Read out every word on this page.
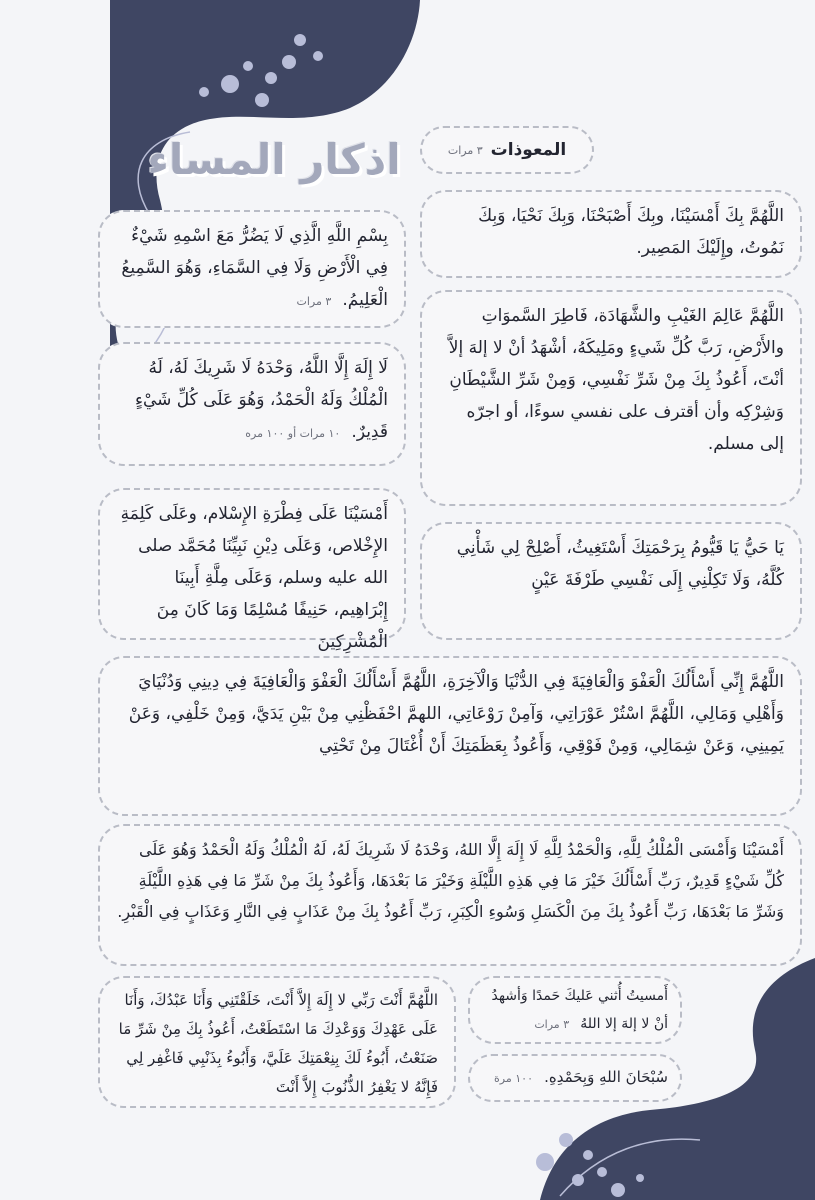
اذكار المساء	المعوذات
٣ مرات
اللَّهُمَّ بِكَ أَمْسَيْنَا، وبِكَ أَصْبَحْنَا، وَبِكَ نَحْيَا، وَبِكَ نَمُوتُ، وإِلَيْكَ المَصِير.
بِسْمِ اللَّهِ الَّذِي لَا يَضُرُّ مَعَ اسْمِهِ شَيْءٌ فِي الْأَرْضِ وَلَا فِي السَّمَاءِ، وَهُوَ السَّمِيعُ الْعَلِيمُ. ٣ مرات
اللَّهُمَّ عَالِمَ الغَيْبِ والشَّهَادَة، فَاطِرَ السَّموَاتِ والأَرْضِ، رَبَّ كُلِّ شَيءٍ ومَلِيكَهُ، أشْهَدُ أنْ لا إلهَ إلاَّ أنْتَ، أَعُوذُ بِكَ مِنْ شَرِّ نَفْسِي، وَمِنْ شَرِّ الشَّيْطَانِ وَشِرْكِه وأن أقترف على نفسي سوءًا، أو اجرّه إلى مسلم.
لَا إِلَهَ إِلَّا اللَّهُ، وَحْدَهُ لَا شَرِيكَ لَهُ، لَهُ الْمُلْكُ وَلَهُ الْحَمْدُ، وَهُوَ عَلَى كُلِّ شَيْءٍ قَدِيرٌ. ١٠ مرات أو ١٠٠ مره
أَمْسَيْنَا عَلَى فِطْرَةِ الإِسْلام، وعَلَى كَلِمَةِ الإِخْلاص، وَعَلَى دِيْنِ نَبِيِّنَا مُحَمَّد صلى الله عليه وسلم، وَعَلَى مِلَّةِ أَبِينَا إِبْرَاهِيم، حَنِيفًا مُسْلِمًا وَمَا كَانَ مِنَ الْمُشْرِكِينَ
يَا حَيُّ يَا قَيُّومُ بِرَحْمَتِكَ أَسْتَغِيثُ، أَصْلِحْ لِي شَأْنِي كُلَّهُ، وَلَا تَكِلْنِي إِلَى نَفْسِي طَرْفَةَ عَيْنٍ
اللَّهُمَّ إِنِّي أَسْأَلُكَ الْعَفْوَ وَالْعَافِيَةَ فِي الدُّنْيَا وَالْآخِرَةِ، اللَّهُمَّ أَسْأَلُكَ الْعَفْوَ وَالْعَافِيَةَ فِي دِينِي وَدُنْيَايَ وَأَهْلِي وَمَالِي، اللَّهُمَّ اسْتُرْ عَوْرَاتِي، وَآمِنْ رَوْعَاتِي، اللهمَّ احْفَظْنِي مِنْ بَيْنِ يَدَيَّ، وَمِنْ خَلْفِي، وَعَنْ يَمِينِي، وَعَنْ شِمَالِي، وَمِنْ فَوْقِي، وَأَعُوذُ بِعَظَمَتِكَ أَنْ أُغْتَالَ مِنْ تَحْتِي
أَمْسَيْنَا وَأَمْسَى الْمُلْكُ لِلَّهِ، وَالْحَمْدُ لِلَّهِ لَا إِلَهَ إِلَّا اللهُ، وَحْدَهُ لَا شَرِيكَ لَهُ، لَهُ الْمُلْكُ وَلَهُ الْحَمْدُ وَهُوَ عَلَى كُلِّ شَيْءٍ قَدِيرٌ، رَبِّ أَسْأَلُكَ خَيْرَ مَا فِي هَذِهِ اللَّيْلَةِ وَخَيْرَ مَا بَعْدَهَا، وَأَعُوذُ بِكَ مِنْ شَرِّ مَا فِي هَذِهِ اللَّيْلَةِ وَشَرِّ مَا بَعْدَهَا، رَبِّ أَعُوذُ بِكَ مِنَ الْكَسَلِ وَسُوءِ الْكِبَرِ، رَبِّ أَعُوذُ بِكَ مِنْ عَذَابٍ فِي النَّارِ وَعَذَابٍ فِي الْقَبْرِ.
اللَّهُمَّ أَنْتَ رَبِّي لا إِلَهَ إِلاَّ أَنْتَ، خَلَقْتَنِي وَأَنَا عَبْدُكَ، وَأَنَا عَلَى عَهْدِكَ وَوَعْدِكَ مَا اسْتَطَعْتُ، أَعُوذُ بِكَ مِنْ شَرِّ مَا صَنَعْتُ، أَبُوءُ لَكَ بِنِعْمَتِكَ عَلَيَّ، وَأَبُوءُ بِذَنْبِي فَاغْفِر لِي فَإِنَّهُ لا يَغْفِرُ الذُّنُوبَ إِلاَّ أَنْتَ
أَمسيتُ أُثني عَليكَ حَمدًا وَأشهدُ أنْ لا إلهَ إلا اللهُ ٣ مرات
سُبْحَانَ اللهِ وَبِحَمْدِهِ. ١٠٠ مرة
